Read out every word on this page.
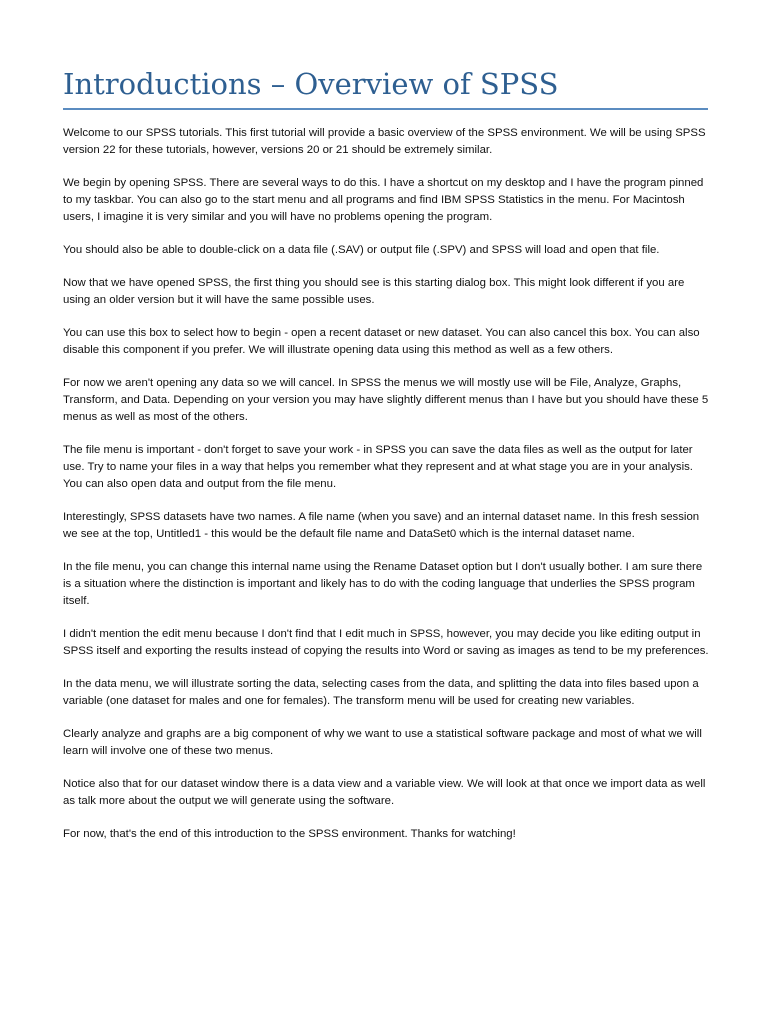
Introductions – Overview of SPSS

Welcome to our SPSS tutorials. This first tutorial will provide a basic overview of the SPSS environment. We will be using SPSS version 22 for these tutorials, however, versions 20 or 21 should be extremely similar.

We begin by opening SPSS. There are several ways to do this. I have a shortcut on my desktop and I have the program pinned to my taskbar. You can also go to the start menu and all programs and find IBM SPSS Statistics in the menu. For Macintosh users, I imagine it is very similar and you will have no problems opening the program.

You should also be able to double-click on a data file (.SAV) or output file (.SPV) and SPSS will load and open that file.

Now that we have opened SPSS, the first thing you should see is this starting dialog box. This might look different if you are using an older version but it will have the same possible uses.

You can use this box to select how to begin - open a recent dataset or new dataset. You can also cancel this box. You can also disable this component if you prefer. We will illustrate opening data using this method as well as a few others.

For now we aren't opening any data so we will cancel. In SPSS the menus we will mostly use will be File, Analyze, Graphs, Transform, and Data. Depending on your version you may have slightly different menus than I have but you should have these 5 menus as well as most of the others.

The file menu is important - don't forget to save your work - in SPSS you can save the data files as well as the output for later use. Try to name your files in a way that helps you remember what they represent and at what stage you are in your analysis. You can also open data and output from the file menu.

Interestingly, SPSS datasets have two names. A file name (when you save) and an internal dataset name. In this fresh session we see at the top, Untitled1 - this would be the default file name and DataSet0 which is the internal dataset name.

In the file menu, you can change this internal name using the Rename Dataset option but I don't usually bother. I am sure there is a situation where the distinction is important and likely has to do with the coding language that underlies the SPSS program itself.

I didn't mention the edit menu because I don't find that I edit much in SPSS, however, you may decide you like editing output in SPSS itself and exporting the results instead of copying the results into Word or saving as images as tend to be my preferences.

In the data menu, we will illustrate sorting the data, selecting cases from the data, and splitting the data into files based upon a variable (one dataset for males and one for females). The transform menu will be used for creating new variables.

Clearly analyze and graphs are a big component of why we want to use a statistical software package and most of what we will learn will involve one of these two menus.

Notice also that for our dataset window there is a data view and a variable view. We will look at that once we import data as well as talk more about the output we will generate using the software.

For now, that's the end of this introduction to the SPSS environment. Thanks for watching!
